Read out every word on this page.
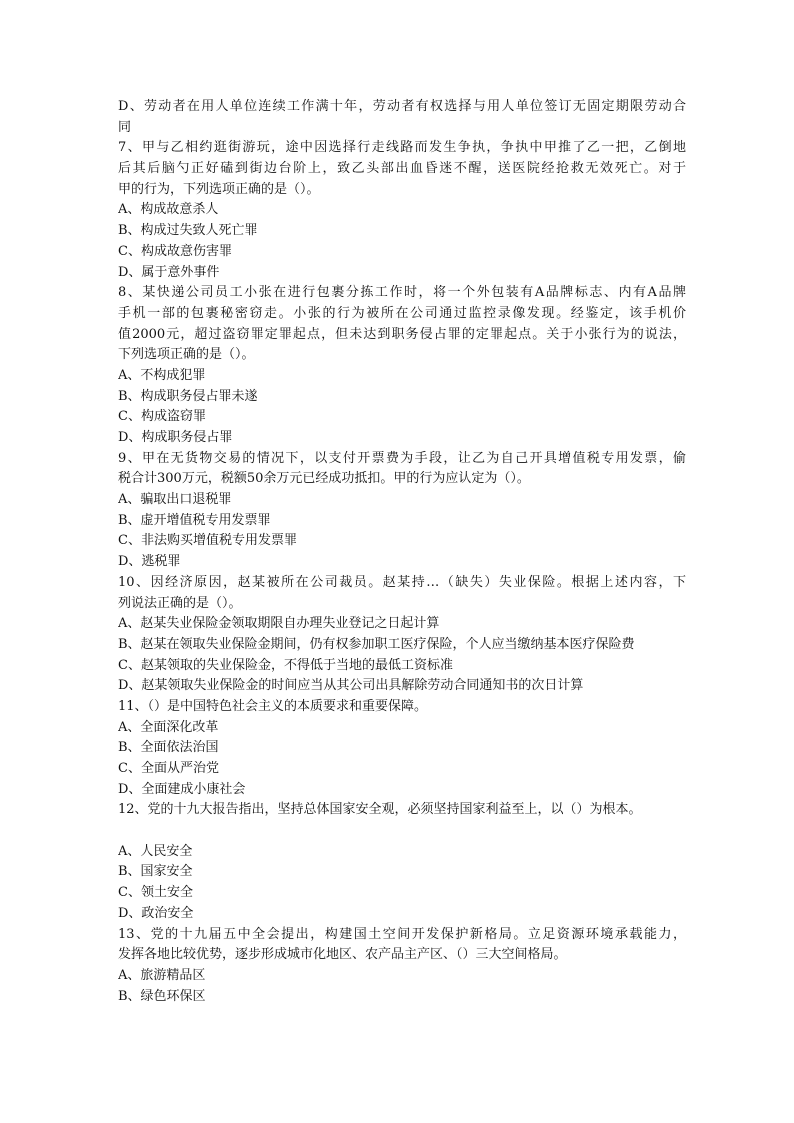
D、劳动者在用人单位连续工作满十年，劳动者有权选择与用人单位签订无固定期限劳动合
同
7、甲与乙相约逛街游玩，途中因选择行走线路而发生争执，争执中甲推了乙一把，乙倒地
后其后脑勺正好磕到街边台阶上，致乙头部出血昏迷不醒，送医院经抢救无效死亡。对于
甲的行为，下列选项正确的是（）。
A、构成故意杀人
B、构成过失致人死亡罪
C、构成故意伤害罪
D、属于意外事件
8、某快递公司员工小张在进行包裹分拣工作时，将一个外包装有A品牌标志、内有A品牌
手机一部的包裹秘密窃走。小张的行为被所在公司通过监控录像发现。经鉴定，该手机价
值2000元，超过盗窃罪定罪起点，但未达到职务侵占罪的定罪起点。关于小张行为的说法，
下列选项正确的是（）。
A、不构成犯罪
B、构成职务侵占罪未遂
C、构成盗窃罪
D、构成职务侵占罪
9、甲在无货物交易的情况下，以支付开票费为手段，让乙为自己开具增值税专用发票，偷
税合计300万元，税额50余万元已经成功抵扣。甲的行为应认定为（）。
A、骗取出口退税罪
B、虚开增值税专用发票罪
C、非法购买增值税专用发票罪
D、逃税罪
10、因经济原因，赵某被所在公司裁员。赵某持…（缺失）失业保险。根据上述内容，下
列说法正确的是（）。
A、赵某失业保险金领取期限自办理失业登记之日起计算
B、赵某在领取失业保险金期间，仍有权参加职工医疗保险，个人应当缴纳基本医疗保险费
C、赵某领取的失业保险金，不得低于当地的最低工资标准
D、赵某领取失业保险金的时间应当从其公司出具解除劳动合同通知书的次日计算
11、（）是中国特色社会主义的本质要求和重要保障。
A、全面深化改革
B、全面依法治国
C、全面从严治党
D、全面建成小康社会
12、党的十九大报告指出，坚持总体国家安全观，必须坚持国家利益至上，以（）为根本。
A、人民安全
B、国家安全
C、领土安全
D、政治安全
13、党的十九届五中全会提出，构建国土空间开发保护新格局。立足资源环境承载能力，
发挥各地比较优势，逐步形成城市化地区、农产品主产区、（）三大空间格局。
A、旅游精品区
B、绿色环保区
